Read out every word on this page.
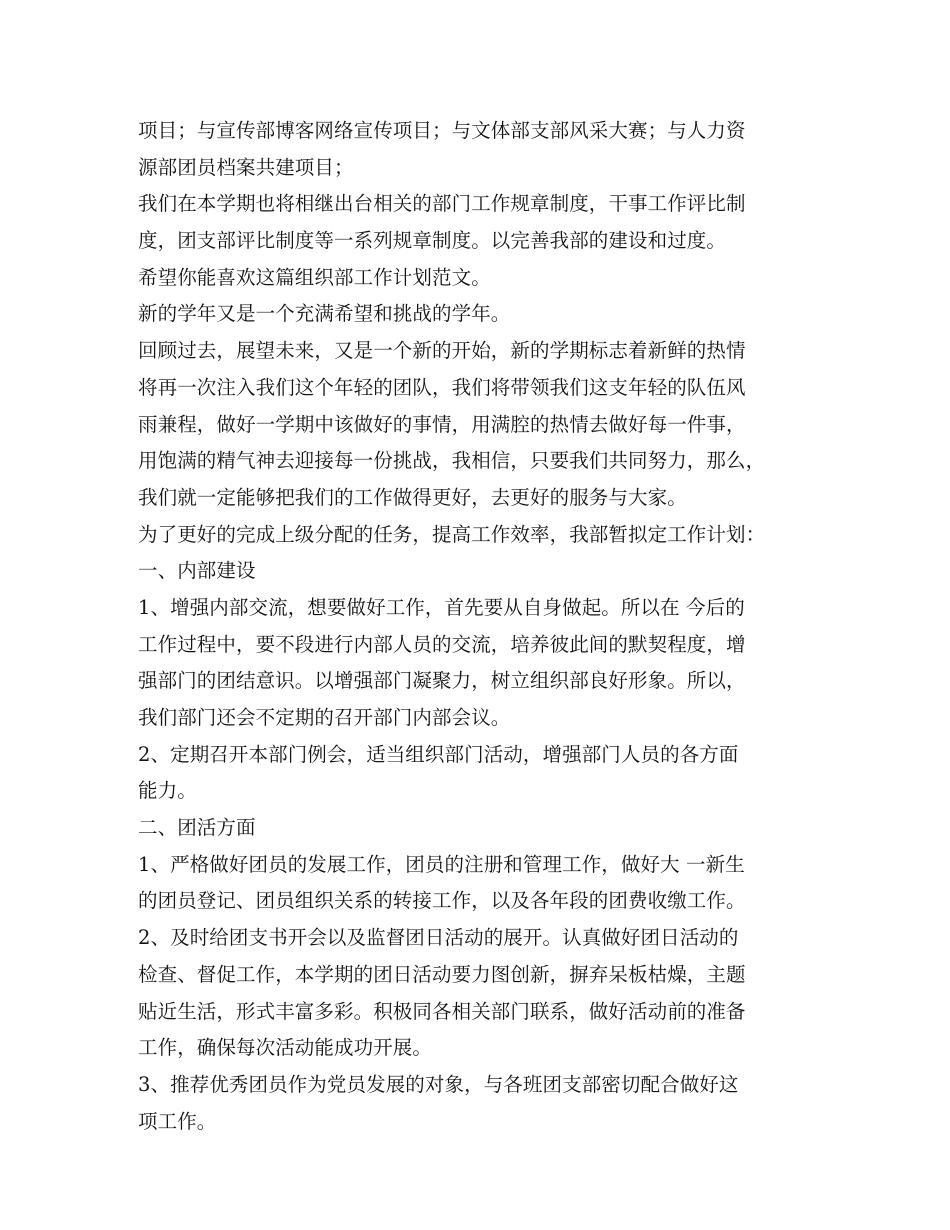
项目；与宣传部博客网络宣传项目；与文体部支部风采大赛；与人力资
源部团员档案共建项目；
我们在本学期也将相继出台相关的部门工作规章制度，干事工作评比制
度，团支部评比制度等一系列规章制度。以完善我部的建设和过度。
希望你能喜欢这篇组织部工作计划范文。
新的学年又是一个充满希望和挑战的学年。
回顾过去，展望未来，又是一个新的开始，新的学期标志着新鲜的热情
将再一次注入我们这个年轻的团队，我们将带领我们这支年轻的队伍风
雨兼程，做好一学期中该做好的事情，用满腔的热情去做好每一件事，
用饱满的精气神去迎接每一份挑战，我相信，只要我们共同努力，那么，
我们就一定能够把我们的工作做得更好，去更好的服务与大家。
为了更好的完成上级分配的任务，提高工作效率，我部暂拟定工作计划：
一、内部建设
1、增强内部交流，想要做好工作，首先要从自身做起。所以在 今后的
工作过程中，要不段进行内部人员的交流，培养彼此间的默契程度，增
强部门的团结意识。以增强部门凝聚力，树立组织部良好形象。所以，
我们部门还会不定期的召开部门内部会议。
2、定期召开本部门例会，适当组织部门活动，增强部门人员的各方面
能力。
二、团活方面
1、严格做好团员的发展工作，团员的注册和管理工作，做好大 一新生
的团员登记、团员组织关系的转接工作，以及各年段的团费收缴工作。
2、及时给团支书开会以及监督团日活动的展开。认真做好团日活动的
检查、督促工作，本学期的团日活动要力图创新，摒弃呆板枯燥，主题
贴近生活，形式丰富多彩。积极同各相关部门联系，做好活动前的准备
工作，确保每次活动能成功开展。
3、推荐优秀团员作为党员发展的对象，与各班团支部密切配合做好这
项工作。
